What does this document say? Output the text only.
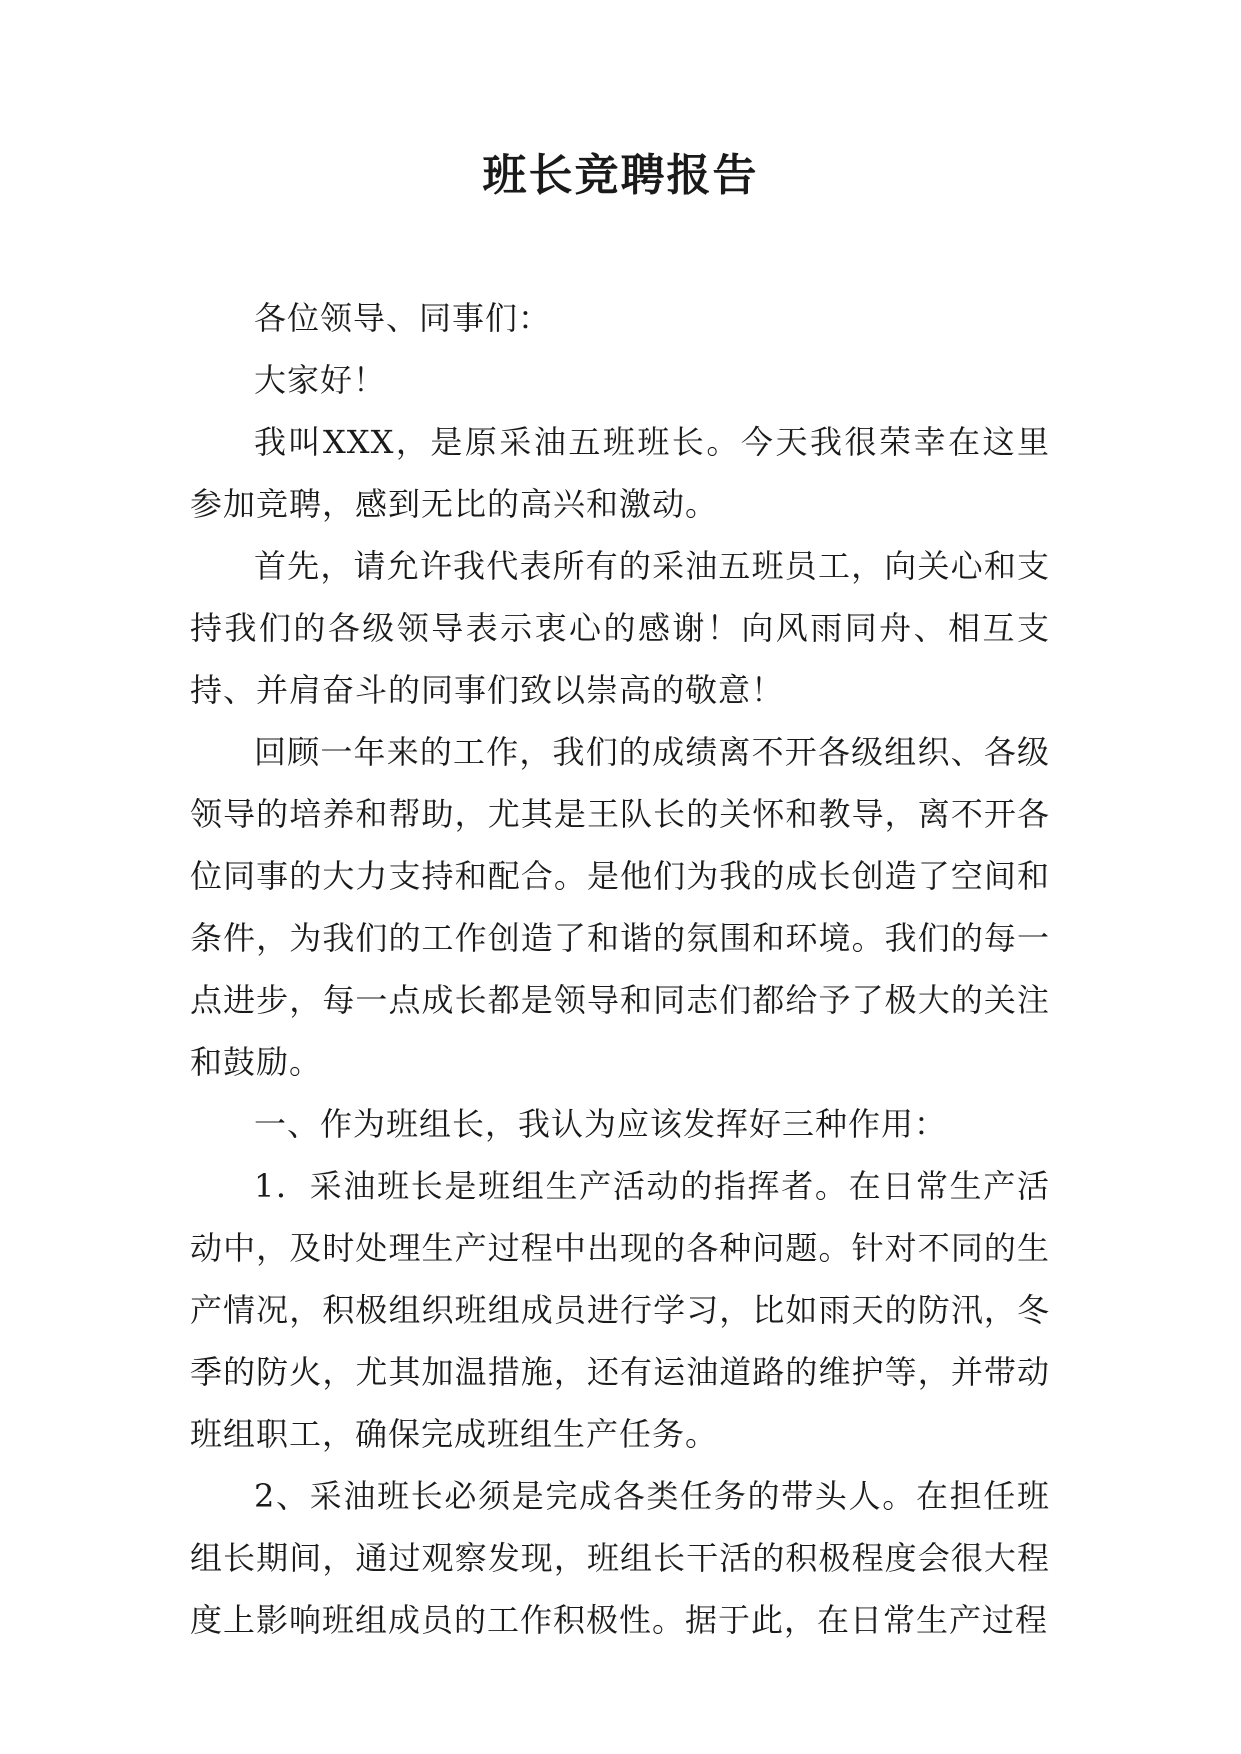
班长竞聘报告

各位领导、同事们：

大家好！

我叫XXX，是原采油五班班长。今天我很荣幸在这里参加竞聘，感到无比的高兴和激动。

首先，请允许我代表所有的采油五班员工，向关心和支持我们的各级领导表示衷心的感谢！向风雨同舟、相互支持、并肩奋斗的同事们致以崇高的敬意！

回顾一年来的工作，我们的成绩离不开各级组织、各级领导的培养和帮助，尤其是王队长的关怀和教导，离不开各位同事的大力支持和配合。是他们为我的成长创造了空间和条件，为我们的工作创造了和谐的氛围和环境。我们的每一点进步，每一点成长都是领导和同志们都给予了极大的关注和鼓励。

一、作为班组长，我认为应该发挥好三种作用：

1．采油班长是班组生产活动的指挥者。在日常生产活动中，及时处理生产过程中出现的各种问题。针对不同的生产情况，积极组织班组成员进行学习，比如雨天的防汛，冬季的防火，尤其加温措施，还有运油道路的维护等，并带动班组职工，确保完成班组生产任务。

2、采油班长必须是完成各类任务的带头人。在担任班组长期间，通过观察发现，班组长干活的积极程度会很大程度上影响班组成员的工作积极性。据于此，在日常生产过程
